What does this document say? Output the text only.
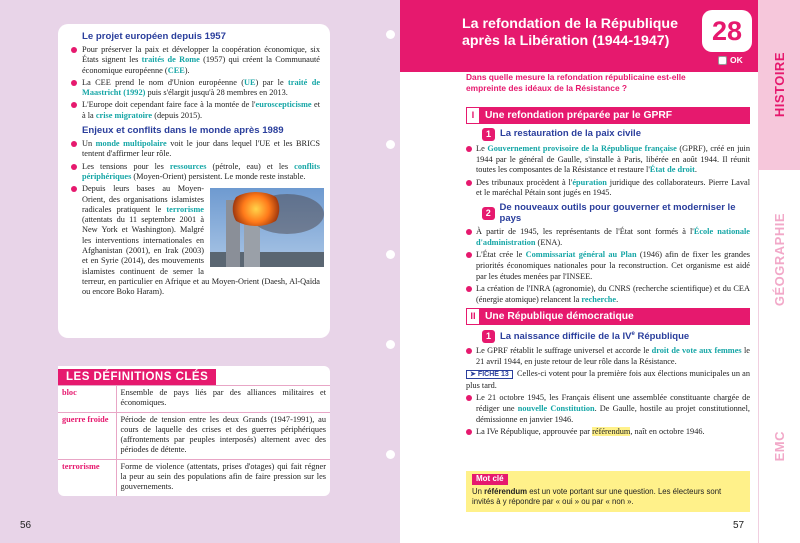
Le projet européen depuis 1957
Pour préserver la paix et développer la coopération économique, six États signent les traités de Rome (1957) qui créent la Communauté économique européenne (CEE).
La CEE prend le nom d'Union européenne (UE) par le traité de Maastricht (1992) puis s'élargit jusqu'à 28 membres en 2013.
L'Europe doit cependant faire face à la montée de l'euroscepticisme et à la crise migratoire (depuis 2015).
Enjeux et conflits dans le monde après 1989
Un monde multipolaire voit le jour dans lequel l'UE et les BRICS tentent d'affirmer leur rôle.
Les tensions pour les ressources (pétrole, eau) et les conflits périphériques (Moyen-Orient) persistent. Le monde reste instable.
Depuis leurs bases au Moyen-Orient, des organisations islamistes radicales pratiquent le terrorisme (attentats du 11 septembre 2001 à New York et Washington). Malgré les interventions internationales en Afghanistan (2001), en Irak (2003) et en Syrie (2014), des mouvements islamistes continuent de semer la terreur, en particulier en Afrique et au Moyen-Orient (Daesh, Al-Qaïda ou encore Boko Haram).
bloc	Ensemble de pays liés par des alliances militaires et économiques.
guerre froide	Période de tension entre les deux Grands (1947-1991), au cours de laquelle des crises et des guerres périphériques (affrontements par peuples interposés) alternent avec des périodes de détente.
terrorisme	Forme de violence (attentats, prises d'otages) qui fait régner la peur au sein des populations afin de faire pression sur les gouvernements.
LES DÉFINITIONS CLÉS
56
La refondation de la République après la Libération (1944-1947)	28
OK
Dans quelle mesure la refondation républicaine est-elle empreinte des idéaux de la Résistance ?
I	Une refondation préparée par le GPRF
1 La restauration de la paix civile
Le Gouvernement provisoire de la République française (GPRF), créé en juin 1944 par le général de Gaulle, s'installe à Paris, libérée en août 1944. Il réunit toutes les composantes de la Résistance et restaure l'État de droit.
Des tribunaux procèdent à l'épuration juridique des collaborateurs. Pierre Laval et le maréchal Pétain sont jugés en 1945.
2
De nouveaux outils pour gouverner et moderniser le pays
À partir de 1945, les représentants de l'État sont formés à l'École nationale d'administration (ENA).
L'État crée le Commissariat général au Plan (1946) afin de fixer les grandes priorités économiques nationales pour la reconstruction. Cet organisme est aidé par les études menées par l'INSEE.
La création de l'INRA (agronomie), du CNRS (recherche scientifique) et du CEA (énergie atomique) relancent la recherche.
II Une République démocratique
1 La naissance difficile de la IVe République
Le GPRF rétablit le suffrage universel et accorde le droit de vote aux femmes le 21 avril 1944, en juste retour de leur rôle dans la Résistance.
➤ FICHE 13 Celles-ci votent pour la première fois aux élections municipales un an plus tard.
Le 21 octobre 1945, les Français élisent une assemblée constituante chargée de rédiger une nouvelle Constitution. De Gaulle, hostile au projet constitutionnel, démissionne en janvier 1946.
La IVe République, approuvée par référendum, naît en octobre 1946.
Mot clé
Un référendum est un vote portant sur une question. Les électeurs sont invités à y répondre par « oui » ou par « non ».
57
HISTOIRE
GÉOGRAPHIE
EMC
